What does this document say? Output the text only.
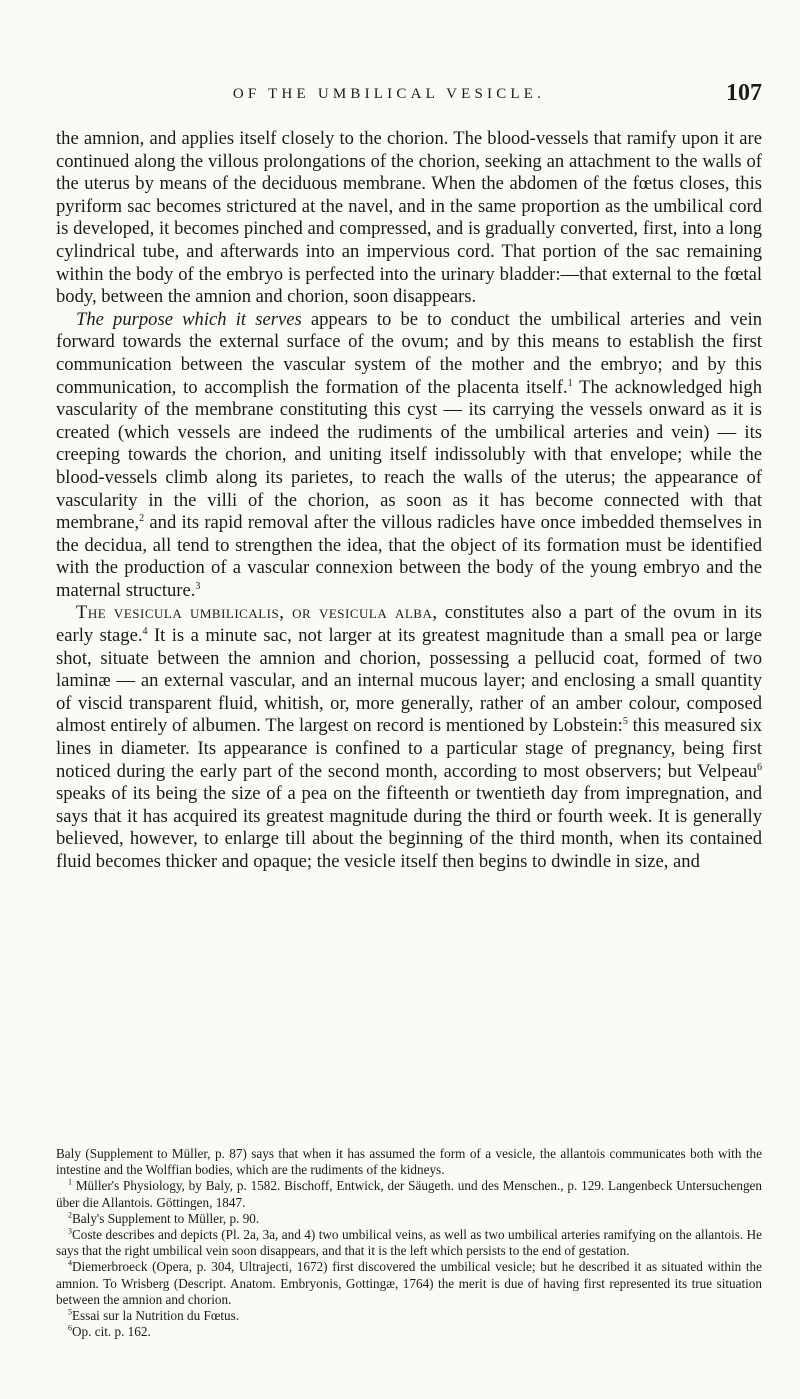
OF THE UMBILICAL VESICLE.	107

the amnion, and applies itself closely to the chorion. The blood-vessels that ramify upon it are continued along the villous prolongations of the chorion, seeking an attachment to the walls of the uterus by means of the deciduous membrane. When the abdomen of the fœtus closes, this pyriform sac becomes strictured at the navel, and in the same proportion as the umbilical cord is developed, it becomes pinched and compressed, and is gradually converted, first, into a long cylindrical tube, and afterwards into an impervious cord. That portion of the sac remaining within the body of the embryo is perfected into the urinary bladder:—that external to the fœtal body, between the amnion and chorion, soon disappears.

The purpose which it serves appears to be to conduct the umbilical arteries and vein forward towards the external surface of the ovum; and by this means to establish the first communication between the vascular system of the mother and the embryo; and by this communication, to accomplish the formation of the placenta itself.$^1$ The acknowledged high vascularity of the membrane constituting this cyst — its carrying the vessels onward as it is created (which vessels are indeed the rudiments of the umbilical arteries and vein) — its creeping towards the chorion, and uniting itself indissolubly with that envelope; while the blood-vessels climb along its parietes, to reach the walls of the uterus; the appearance of vascularity in the villi of the chorion, as soon as it has become connected with that membrane,$^2$ and its rapid removal after the villous radicles have once imbedded themselves in the decidua, all tend to strengthen the idea, that the object of its formation must be identified with the production of a vascular connexion between the body of the young embryo and the maternal structure.$^3$

The vesicula umbilicalis, or vesicula alba, constitutes also a part of the ovum in its early stage.$^4$ It is a minute sac, not larger at its greatest magnitude than a small pea or large shot, situate between the amnion and chorion, possessing a pellucid coat, formed of two laminæ — an external vascular, and an internal mucous layer; and enclosing a small quantity of viscid transparent fluid, whitish, or, more generally, rather of an amber colour, composed almost entirely of albumen. The largest on record is mentioned by Lobstein:$^5$ this measured six lines in diameter. Its appearance is confined to a particular stage of pregnancy, being first noticed during the early part of the second month, according to most observers; but Velpeau$^6$ speaks of its being the size of a pea on the fifteenth or twentieth day from impregnation, and says that it has acquired its greatest magnitude during the third or fourth week. It is generally believed, however, to enlarge till about the beginning of the third month, when its contained fluid becomes thicker and opaque; the vesicle itself then begins to dwindle in size, and

Baly (Supplement to Müller, p. 87) says that when it has assumed the form of a vesicle, the allantois communicates both with the intestine and the Wolffian bodies, which are the rudiments of the kidneys.

$^1$ Müller's Physiology, by Baly, p. 1582. Bischoff, Entwick, der Säugeth. und des Menschen., p. 129. Langenbeck Untersuchengen über die Allantois. Göttingen, 1847.

$^2$Baly's Supplement to Müller, p. 90.

$^3$Coste describes and depicts (Pl. 2a, 3a, and 4) two umbilical veins, as well as two umbilical arteries ramifying on the allantois. He says that the right umbilical vein soon disappears, and that it is the left which persists to the end of gestation.

$^4$Diemerbroeck (Opera, p. 304, Ultrajecti, 1672) first discovered the umbilical vesicle; but he described it as situated within the amnion. To Wrisberg (Descript. Anatom. Embryonis, Gottingæ, 1764) the merit is due of having first represented its true situation between the amnion and chorion.

$^5$Essai sur la Nutrition du Fœtus.

$^6$Op. cit. p. 162.
